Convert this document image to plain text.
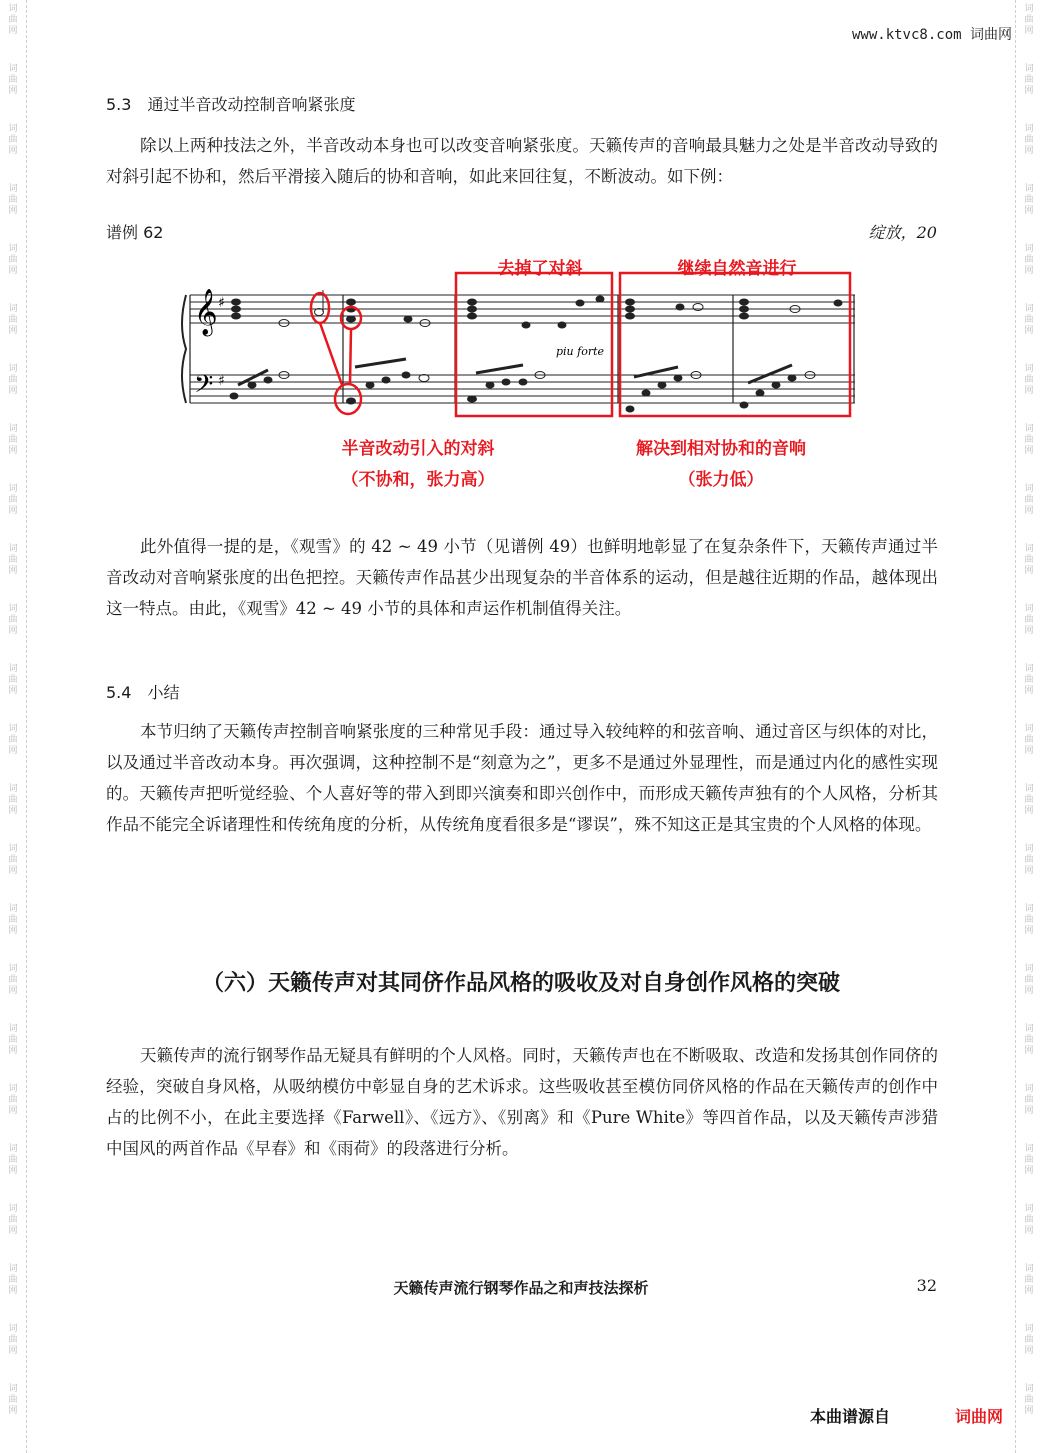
词
曲
网
词
曲
网
词
曲
网
词
曲
网
词
曲
网
词
曲
网
词
曲
网
词
曲
网
词
曲
网
词
曲
网
词
曲
网
词
曲
网
词
曲
网
词
曲
网
词
曲
网
词
曲
网
词
曲
网
词
曲
网
词
曲
网
词
曲
网
词
曲
网
词
曲
网
词
曲
网
词
曲
网
词
曲
网
词
曲
网
词
曲
网
词
曲
网
词
曲
网
词
曲
网
词
曲
网
词
曲
网
词
曲
网
词
曲
网
词
曲
网
词
曲
网
词
曲
网
词
曲
网
词
曲
网
词
曲
网
词
曲
网
词
曲
网
词
曲
网
词
曲
网
词
曲
网
词
曲
网
词
曲
网
词
曲
网
www.ktvc8.com 词曲网
5.3　通过半音改动控制音响紧张度

除以上两种技法之外，半音改动本身也可以改变音响紧张度。天籁传声的音响最具魅力之处是半音改动导致的对斜引起不协和，然后平滑接入随后的协和音响，如此来回往复，不断波动。如下例：

谱例 62	绽放，20
去掉了对斜	继续自然音进行
𝄞
𝄢
♯
♯
piu forte
半音改动引入的对斜
（不协和，张力高）
解决到相对协和的音响
（张力低）

此外值得一提的是，《观雪》的 42 ~ 49 小节（见谱例 49）也鲜明地彰显了在复杂条件下，天籁传声通过半音改动对音响紧张度的出色把控。天籁传声作品甚少出现复杂的半音体系的运动，但是越往近期的作品，越体现出这一特点。由此，《观雪》42 ~ 49 小节的具体和声运作机制值得关注。

5.4　小结

本节归纳了天籁传声控制音响紧张度的三种常见手段：通过导入较纯粹的和弦音响、通过音区与织体的对比，以及通过半音改动本身。再次强调，这种控制不是“刻意为之”，更多不是通过外显理性，而是通过内化的感性实现的。天籁传声把听觉经验、个人喜好等的带入到即兴演奏和即兴创作中，而形成天籁传声独有的个人风格，分析其作品不能完全诉诸理性和传统角度的分析，从传统角度看很多是“谬误”，殊不知这正是其宝贵的个人风格的体现。

（六）天籁传声对其同侪作品风格的吸收及对自身创作风格的突破

天籁传声的流行钢琴作品无疑具有鲜明的个人风格。同时，天籁传声也在不断吸取、改造和发扬其创作同侪的经验，突破自身风格，从吸纳模仿中彰显自身的艺术诉求。这些吸收甚至模仿同侪风格的作品在天籁传声的创作中占的比例不小，在此主要选择《Farwell》、《远方》、《别离》和《Pure White》等四首作品，以及天籁传声涉猎中国风的两首作品《早春》和《雨荷》的段落进行分析。

天籁传声流行钢琴作品之和声技法探析	32
本曲谱源自	词曲网
